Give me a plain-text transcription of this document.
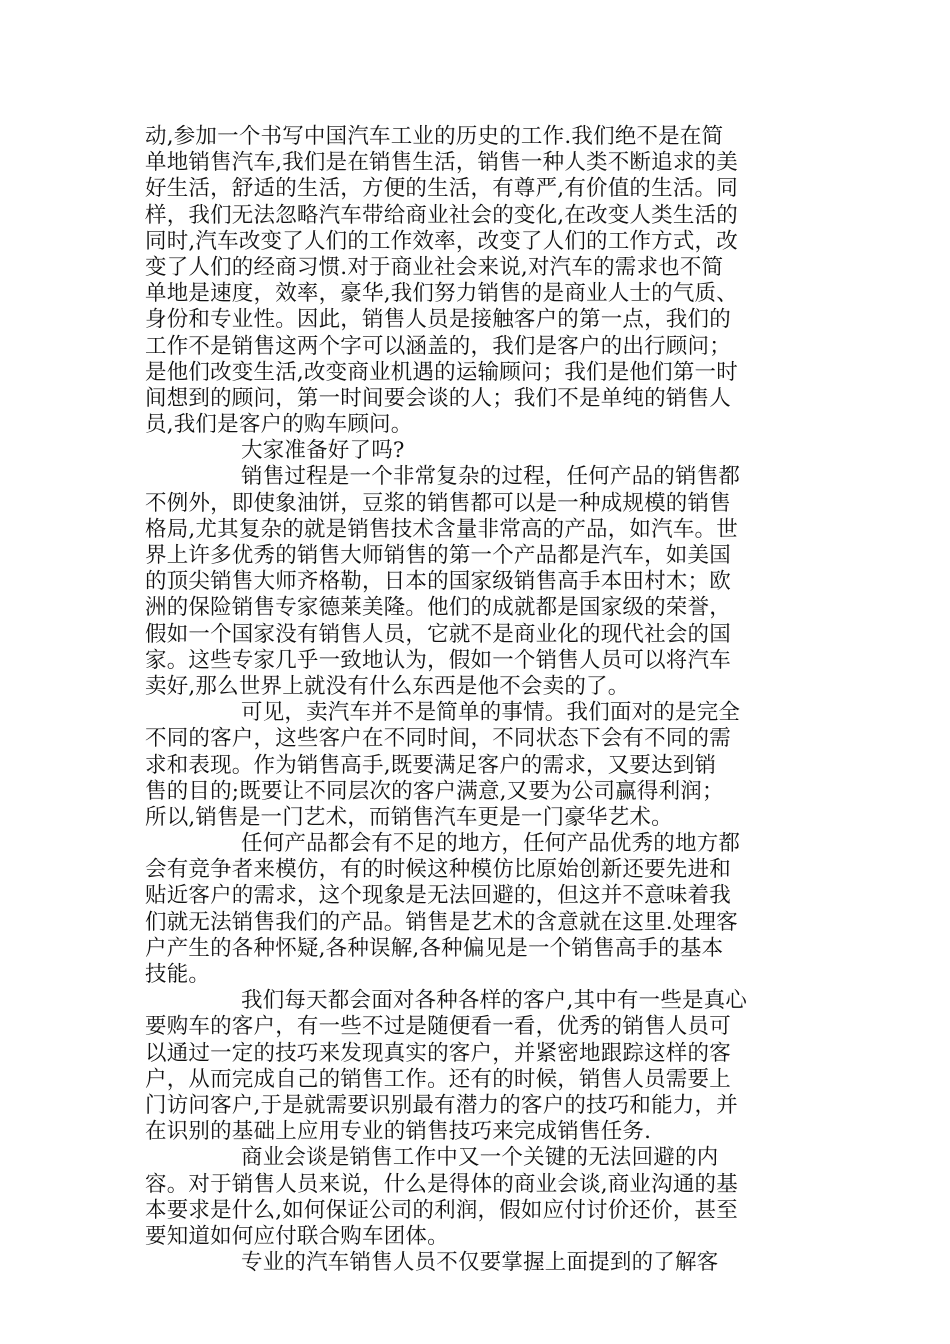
动,参加一个书写中国汽车工业的历史的工作.我们绝不是在简
单地销售汽车,我们是在销售生活，销售一种人类不断追求的美
好生活，舒适的生活，方便的生活，有尊严,有价值的生活。同
样，我们无法忽略汽车带给商业社会的变化,在改变人类生活的
同时,汽车改变了人们的工作效率，改变了人们的工作方式，改
变了人们的经商习惯.对于商业社会来说,对汽车的需求也不简
单地是速度，效率，豪华,我们努力销售的是商业人士的气质、
身份和专业性。因此，销售人员是接触客户的第一点，我们的
工作不是销售这两个字可以涵盖的，我们是客户的出行顾问；
是他们改变生活,改变商业机遇的运输顾问；我们是他们第一时
间想到的顾问，第一时间要会谈的人；我们不是单纯的销售人
员,我们是客户的购车顾问。
大家准备好了吗?
销售过程是一个非常复杂的过程，任何产品的销售都
不例外，即使象油饼，豆浆的销售都可以是一种成规模的销售
格局,尤其复杂的就是销售技术含量非常高的产品，如汽车。世
界上许多优秀的销售大师销售的第一个产品都是汽车，如美国
的顶尖销售大师齐格勒，日本的国家级销售高手本田村木；欧
洲的保险销售专家德莱美隆。他们的成就都是国家级的荣誉，
假如一个国家没有销售人员，它就不是商业化的现代社会的国
家。这些专家几乎一致地认为，假如一个销售人员可以将汽车
卖好,那么世界上就没有什么东西是他不会卖的了。
可见，卖汽车并不是简单的事情。我们面对的是完全
不同的客户，这些客户在不同时间，不同状态下会有不同的需
求和表现。作为销售高手,既要满足客户的需求，又要达到销
售的目的;既要让不同层次的客户满意,又要为公司赢得利润；
所以,销售是一门艺术，而销售汽车更是一门豪华艺术。
任何产品都会有不足的地方，任何产品优秀的地方都
会有竞争者来模仿，有的时候这种模仿比原始创新还要先进和
贴近客户的需求，这个现象是无法回避的，但这并不意味着我
们就无法销售我们的产品。销售是艺术的含意就在这里.处理客
户产生的各种怀疑,各种误解,各种偏见是一个销售高手的基本
技能。
我们每天都会面对各种各样的客户,其中有一些是真心
要购车的客户，有一些不过是随便看一看，优秀的销售人员可
以通过一定的技巧来发现真实的客户，并紧密地跟踪这样的客
户，从而完成自己的销售工作。还有的时候，销售人员需要上
门访问客户,于是就需要识别最有潜力的客户的技巧和能力，并
在识别的基础上应用专业的销售技巧来完成销售任务.
商业会谈是销售工作中又一个关键的无法回避的内
容。对于销售人员来说，什么是得体的商业会谈,商业沟通的基
本要求是什么,如何保证公司的利润，假如应付讨价还价，甚至
要知道如何应付联合购车团体。
专业的汽车销售人员不仅要掌握上面提到的了解客
